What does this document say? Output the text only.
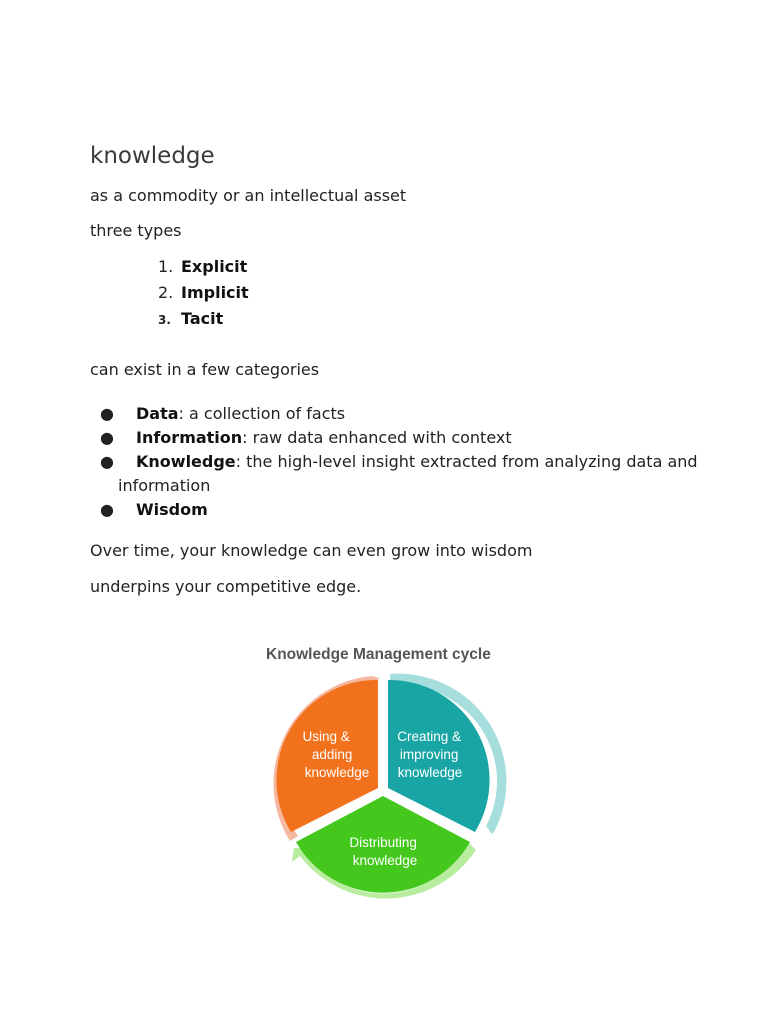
knowledge

as a commodity or an intellectual asset

three types

1. Explicit
2. Implicit
3. Tacit

can exist in a few categories

● Data: a collection of facts
● Information: raw data enhanced with context
● Knowledge: the high-level insight extracted from analyzing data and
information
● Wisdom

Over time, your knowledge can even grow into wisdom

underpins your competitive edge.

Knowledge Management cycle
Using & adding knowledge
Creating & improving knowledge
Distributing knowledge
